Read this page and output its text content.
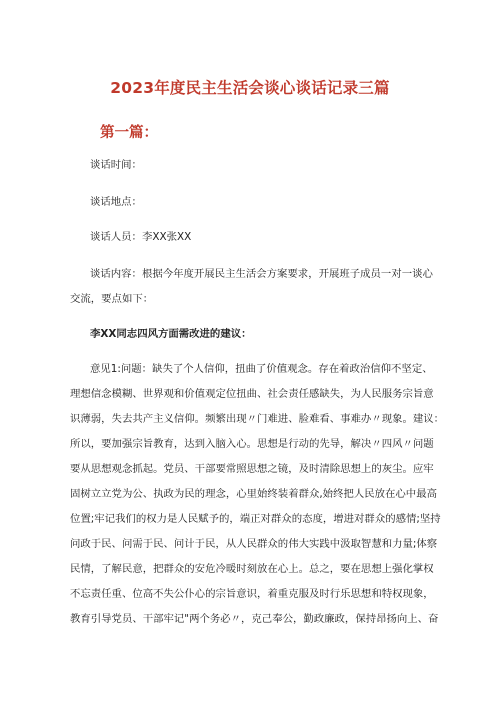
2023年度民主生活会谈心谈话记录三篇
第一篇：
谈话时间：
谈话地点：
谈话人员：李XX张XX
谈话内容：根据今年度开展民主生活会方案要求，开展班子成员一对一谈心
交流，要点如下：
李XX同志四风方面需改进的建议：
意见1:问题：缺失了个人信仰，扭曲了价值观念。存在着政治信仰不坚定、
理想信念模糊、世界观和价值观定位扭曲、社会责任感缺失，为人民服务宗旨意
识薄弱，失去共产主义信仰。频繁出现〃门难进、脸难看、事难办〃现象。建议：
所以，要加强宗旨教育，达到入脑入心。思想是行动的先导，解决〃四风〃问题
要从思想观念抓起。党员、干部要常照思想之镜，及时清除思想上的灰尘。应牢
固树立立党为公、执政为民的理念，心里始终装着群众,始终把人民放在心中最高
位置;牢记我们的权力是人民赋予的，端正对群众的态度，增进对群众的感情;坚持
问政于民、问需于民、问计于民，从人民群众的伟大实践中汲取智慧和力量;体察
民情，了解民意，把群众的安危冷暖时刻放在心上。总之，要在思想上强化掌权
不忘责任重、位高不失公仆心的宗旨意识，着重克服及时行乐思想和特权现象，
教育引导党员、干部牢记"两个务必〃，克己奉公，勤政廉政，保持昂扬向上、奋
